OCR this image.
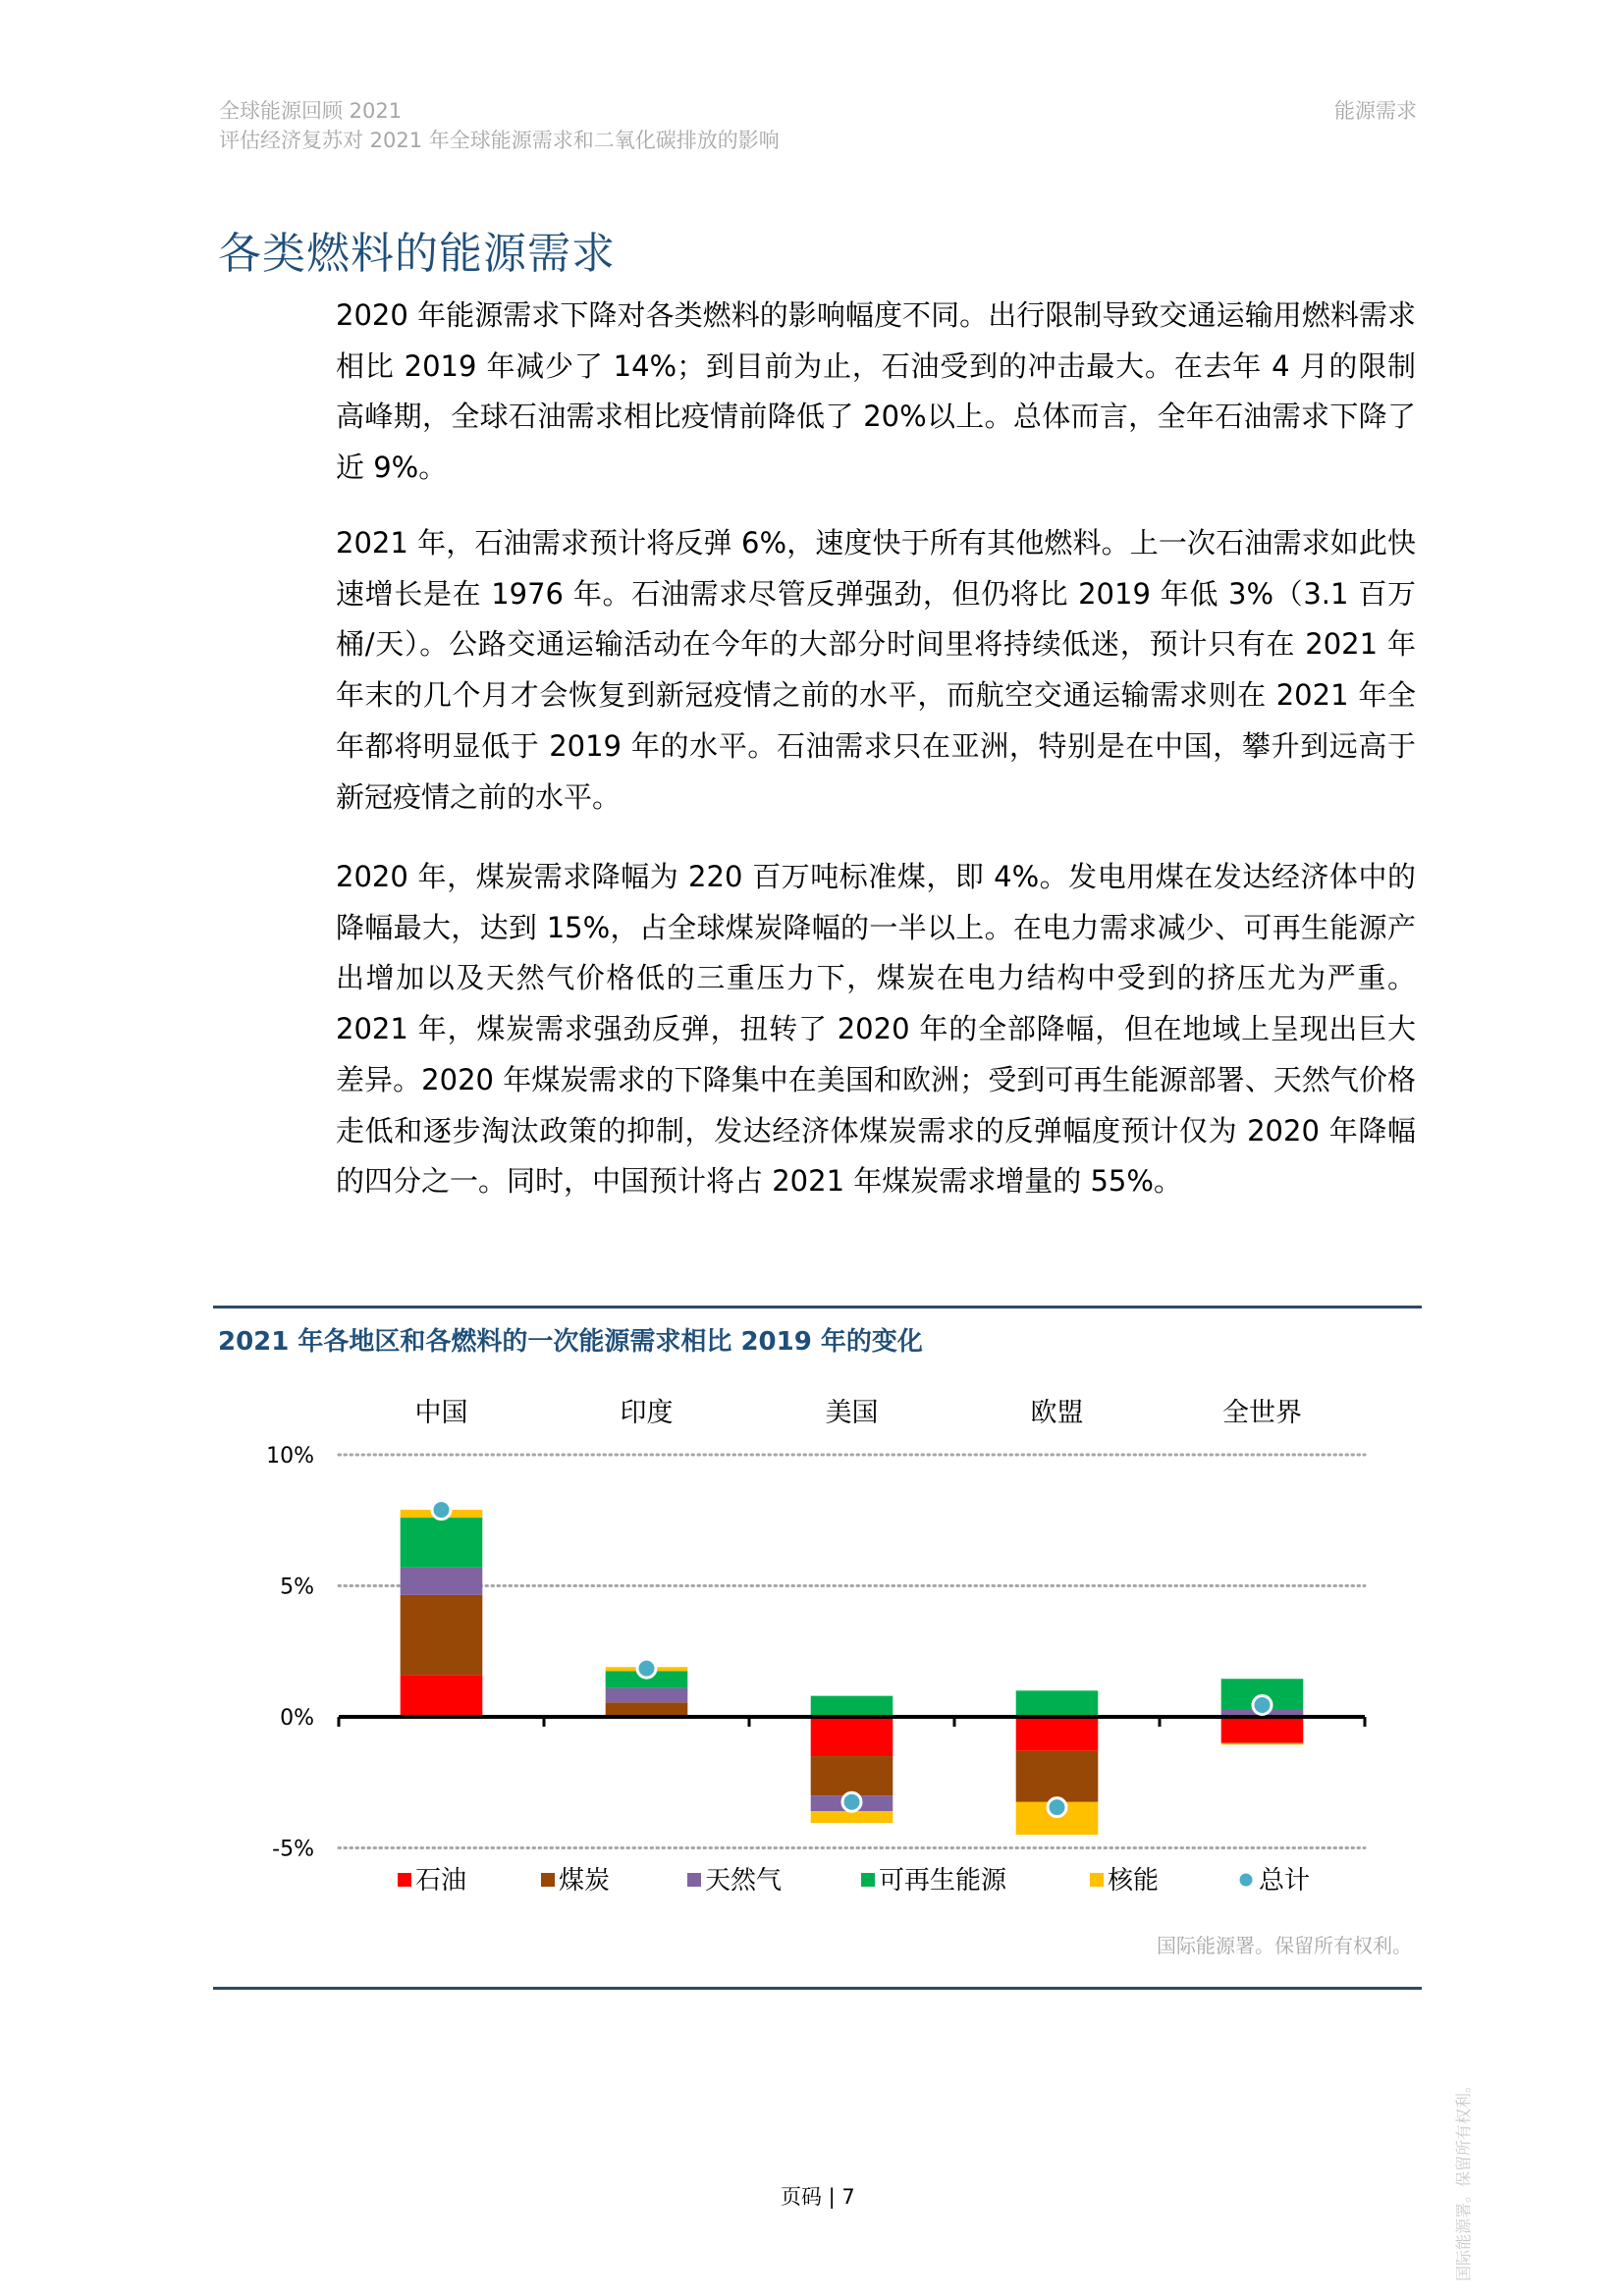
全球能源回顾 2021
评估经济复苏对 2021 年全球能源需求和二氧化碳排放的影响
能源需求
各类燃料的能源需求

2020 年能源需求下降对各类燃料的影响幅度不同。出行限制导致交通运输用燃料需求相比 2019 年减少了 14%；到目前为止，石油受到的冲击最大。在去年 4 月的限制高峰期，全球石油需求相比疫情前降低了 20%以上。总体而言，全年石油需求下降了近 9%。

2021 年，石油需求预计将反弹 6%，速度快于所有其他燃料。上一次石油需求如此快速增长是在 1976 年。石油需求尽管反弹强劲，但仍将比 2019 年低 3%（3.1 百万桶/天）。公路交通运输活动在今年的大部分时间里将持续低迷，预计只有在 2021 年年末的几个月才会恢复到新冠疫情之前的水平，而航空交通运输需求则在 2021 年全年都将明显低于 2019 年的水平。石油需求只在亚洲，特别是在中国，攀升到远高于新冠疫情之前的水平。

2020 年，煤炭需求降幅为 220 百万吨标准煤，即 4%。发电用煤在发达经济体中的降幅最大，达到 15%，占全球煤炭降幅的一半以上。在电力需求减少、可再生能源产出增加以及天然气价格低的三重压力下，煤炭在电力结构中受到的挤压尤为严重。2021 年，煤炭需求强劲反弹，扭转了 2020 年的全部降幅，但在地域上呈现出巨大差异。2020 年煤炭需求的下降集中在美国和欧洲；受到可再生能源部署、天然气价格走低和逐步淘汰政策的抑制，发达经济体煤炭需求的反弹幅度预计仅为 2020 年降幅的四分之一。同时，中国预计将占 2021 年煤炭需求增量的 55%。

2021 年各地区和各燃料的一次能源需求相比 2019 年的变化
10%
5%
0%
-5%
中国	印度	美国	欧盟	全世界
石油	煤炭	天然气	可再生能源	核能	总计
国际能源署。保留所有权利。
页码 | 7	国际能源署。保留所有权利。
